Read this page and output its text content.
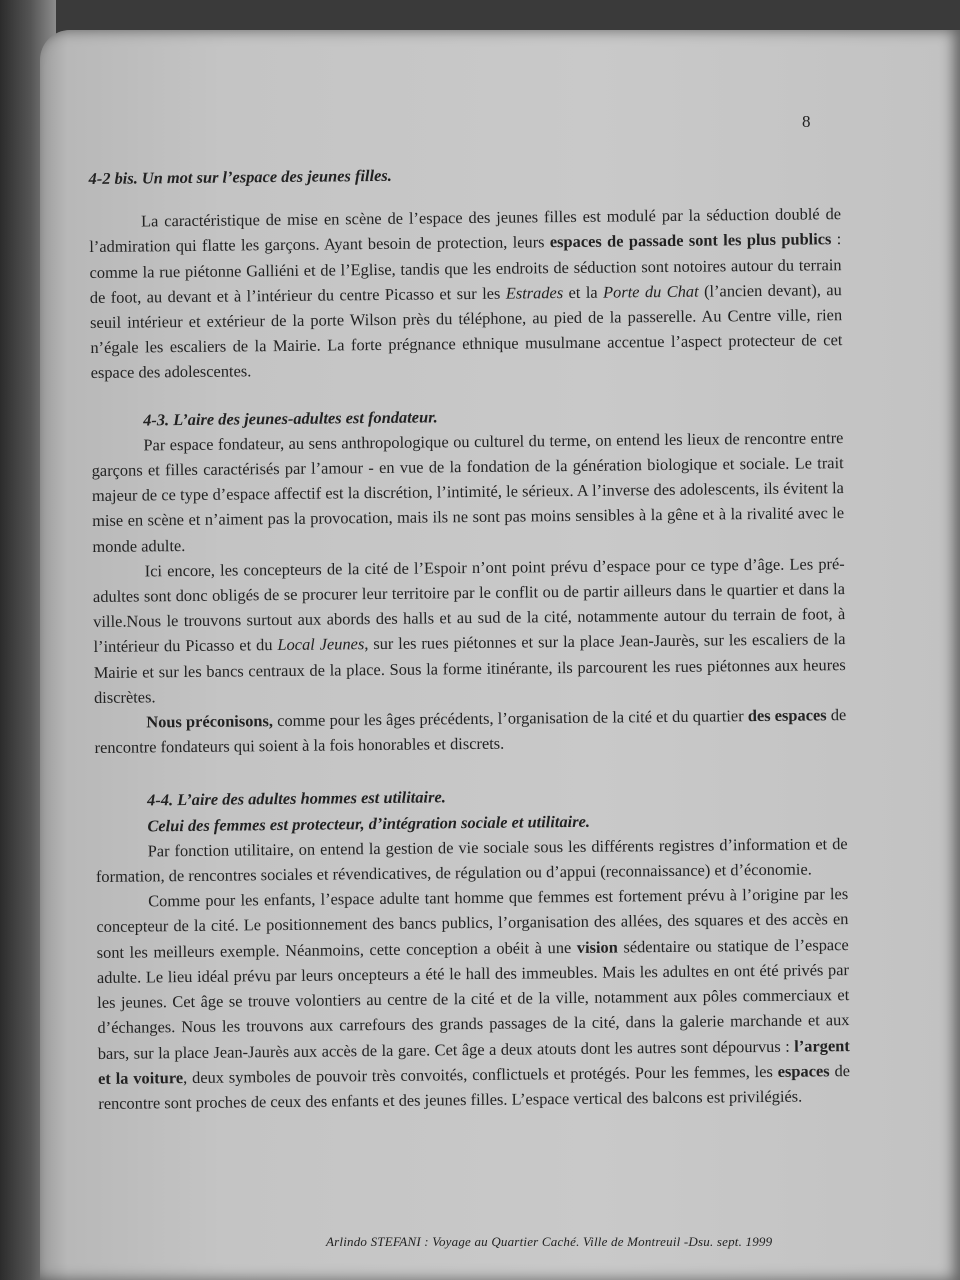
8
4-2 bis. Un mot sur l’espace des jeunes filles.

La caractéristique de mise en scène de l’espace des jeunes filles est modulé par la séduction doublé de l’admiration qui flatte les garçons. Ayant besoin de protection, leurs espaces de passade sont les plus publics : comme la rue piétonne Galliéni et de l’Eglise, tandis que les endroits de séduction sont notoires autour du terrain de foot, au devant et à l’intérieur du centre Picasso et sur les Estrades et la Porte du Chat (l’ancien devant), au seuil intérieur et extérieur de la porte Wilson près du téléphone, au pied de la passerelle. Au Centre ville, rien n’égale les escaliers de la Mairie. La forte prégnance ethnique musulmane accentue l’aspect protecteur de cet espace des adolescentes.

4-3. L’aire des jeunes-adultes est fondateur.

Par espace fondateur, au sens anthropologique ou culturel du terme, on entend les lieux de rencontre entre garçons et filles caractérisés par l’amour - en vue de la fondation de la génération biologique et sociale. Le trait majeur de ce type d’espace affectif est la discrétion, l’intimité, le sérieux. A l’inverse des adolescents, ils évitent la mise en scène et n’aiment pas la provocation, mais ils ne sont pas moins sensibles à la gêne et à la rivalité avec le monde adulte.

Ici encore, les concepteurs de la cité de l’Espoir n’ont point prévu d’espace pour ce type d’âge. Les pré-adultes sont donc obligés de se procurer leur territoire par le conflit ou de partir ailleurs dans le quartier et dans la ville.Nous le trouvons surtout aux abords des halls et au sud de la cité, notammente autour du terrain de foot, à l’intérieur du Picasso et du Local Jeunes, sur les rues piétonnes et sur la place Jean-Jaurès, sur les escaliers de la Mairie et sur les bancs centraux de la place. Sous la forme itinérante, ils parcourent les rues piétonnes aux heures discrètes.

Nous préconisons, comme pour les âges précédents, l’organisation de la cité et du quartier des espaces de rencontre fondateurs qui soient à la fois honorables et discrets.

4-4. L’aire des adultes hommes est utilitaire.
Celui des femmes est protecteur, d’intégration sociale et utilitaire.

Par fonction utilitaire, on entend la gestion de vie sociale sous les différents registres d’information et de formation, de rencontres sociales et révendicatives, de régulation ou d’appui (reconnaissance) et d’économie.

Comme pour les enfants, l’espace adulte tant homme que femmes est fortement prévu à l’origine par les concepteur de la cité. Le positionnement des bancs publics, l’organisation des allées, des squares et des accès en sont les meilleurs exemple. Néanmoins, cette conception a obéit à une vision sédentaire ou statique de l’espace adulte. Le lieu idéal prévu par leurs oncepteurs a été le hall des immeubles. Mais les adultes en ont été privés par les jeunes. Cet âge se trouve volontiers au centre de la cité et de la ville, notamment aux pôles commerciaux et d’échanges. Nous les trouvons aux carrefours des grands passages de la cité, dans la galerie marchande et aux bars, sur la place Jean-Jaurès aux accès de la gare. Cet âge a deux atouts dont les autres sont dépourvus : l’argent et la voiture, deux symboles de pouvoir très convoités, conflictuels et protégés. Pour les femmes, les espaces de rencontre sont proches de ceux des enfants et des jeunes filles. L’espace vertical des balcons est privilégiés.

Arlindo STEFANI : Voyage au Quartier Caché. Ville de Montreuil -Dsu. sept. 1999
